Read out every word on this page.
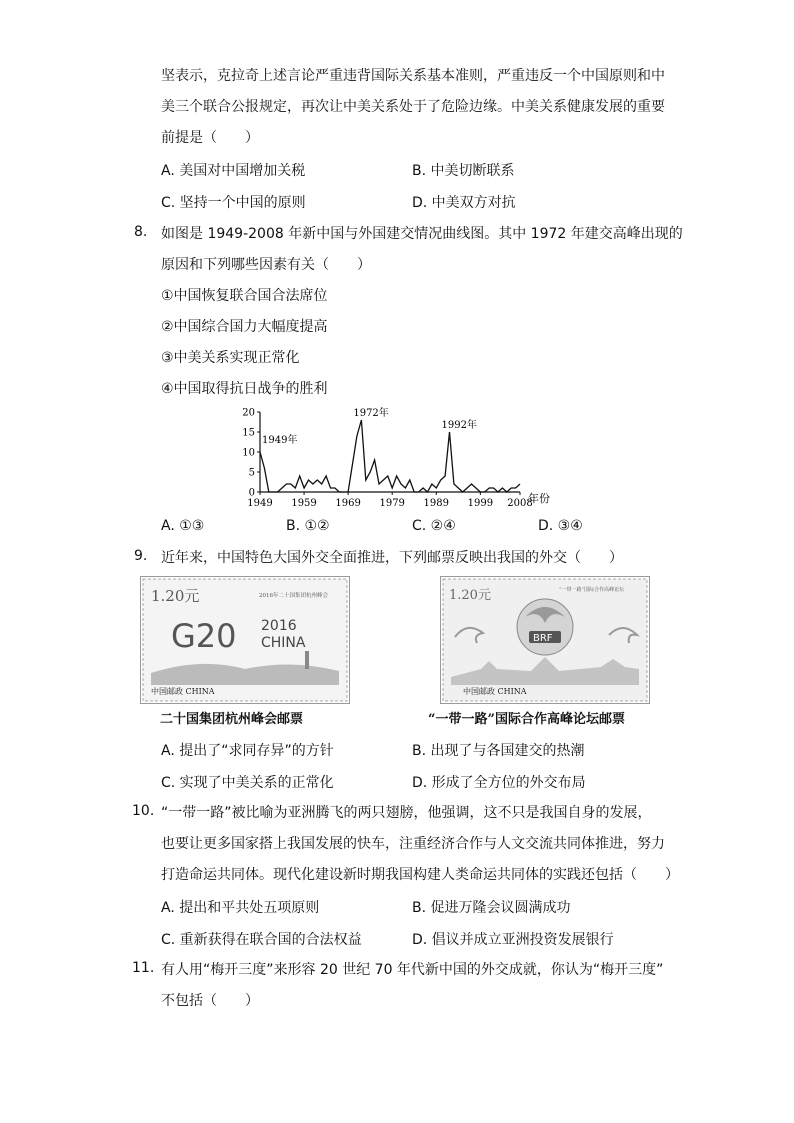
坚表示，克拉奇上述言论严重违背国际关系基本准则，严重违反一个中国原则和中
美三个联合公报规定，再次让中美关系处于了危险边缘。中美关系健康发展的重要
前提是（　　）
A. 美国对中国增加关税	B. 中美切断联系
C. 坚持一个中国的原则	D. 中美双方对抗
8. 如图是 1949-2008 年新中国与外国建交情况曲线图。其中 1972 年建交高峰出现的
原因和下列哪些因素有关（　　）
①中国恢复联合国合法席位
②中国综合国力大幅度提高
③中美关系实现正常化
④中国取得抗日战争的胜利
0
5
10
15
20
1949 1959 1969 1979 1989 1999 2008
1949年
1972年
1992年
年份
A. ①③	B. ①②	C. ②④	D. ③④
9. 近年来，中国特色大国外交全面推进，下列邮票反映出我国的外交（　　）
1.20元	2016年二十国集团杭州峰会
G20 2016
CHINA
中国邮政 CHINA
二十国集团杭州峰会邮票
1.20元	“一带一路”国际合作高峰论坛
BRF
中国邮政 CHINA
“一带一路”国际合作高峰论坛邮票
A. 提出了“求同存异”的方针	B. 出现了与各国建交的热潮
C. 实现了中美关系的正常化	D. 形成了全方位的外交布局
10. “一带一路”被比喻为亚洲腾飞的两只翅膀，他强调，这不只是我国自身的发展，
也要让更多国家搭上我国发展的快车，注重经济合作与人文交流共同体推进，努力
打造命运共同体。现代化建设新时期我国构建人类命运共同体的实践还包括（　　）
A. 提出和平共处五项原则	B. 促进万隆会议圆满成功
C. 重新获得在联合国的合法权益	D. 倡议并成立亚洲投资发展银行
11. 有人用“梅开三度”来形容 20 世纪 70 年代新中国的外交成就，你认为“梅开三度”
不包括（　　）
